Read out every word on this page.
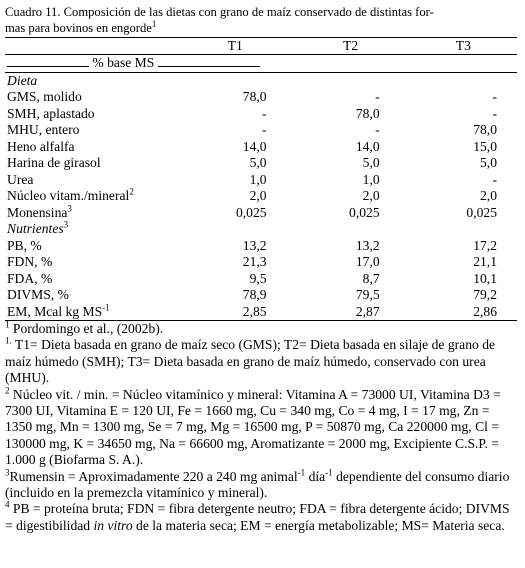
Cuadro 11. Composición de las dietas con grano de maíz conservado de distintas for-
mas para bovinos en engorde$^1$

	T1	T2	T3
% base MS			
Dieta			
GMS, molido	78,0	-	-
SMH, aplastado	-	78,0	-
MHU, entero	-	-	78,0
Heno alfalfa	14,0	14,0	15,0
Harina de girasol	5,0	5,0	5,0
Urea	1,0	1,0	-
Núcleo vitam./mineral$^2$	2,0	2,0	2,0
Monensina$^3$	0,025	0,025	0,025
Nutrientes$^3$
PB, %	13,2	13,2	17,2
FDN, %	21,3	17,0	21,1
FDA, %	9,5	8,7	10,1
DIVMS, %	78,9	79,5	79,2
EM, Mcal kg $MS^{-1}$	2,85	2,87	2,86

$^1$ Pordomingo et al., (2002b).

$^{1.}$ T1= Dieta basada en grano de maíz seco (GMS); T2= Dieta basada en silaje de grano de maíz húmedo (SMH); T3= Dieta basada en grano de maíz húmedo, conservado con urea (MHU).

$^2$ Núcleo vit. / min. = Núcleo vitamínico y mineral: Vitamina A = 73000 UI, Vitamina D3 = 7300 UI, Vitamina E = 120 UI, Fe = 1660 mg, Cu = 340 mg, Co = 4 mg, I = 17 mg, Zn = 1350 mg, Mn = 1300 mg, Se = 7 mg, Mg = 16500 mg, P = 50870 mg, Ca 220000 mg, Cl = 130000 mg, K = 34650 mg, Na = 66600 mg, Aromatizante = 2000 mg, Excipiente C.S.P. = 1.000 g (Biofarma S. A.).

$^3$Rumensin = Aproximadamente 220 a 240 mg animal$^{-1}$ día$^{-1}$ dependiente del consumo diario (incluido en la premezcla vitamínico y mineral).

$^4$ PB = proteína bruta; FDN = fibra detergente neutro; FDA = fibra detergente ácido; DIVMS = digestibilidad in vitro de la materia seca; EM = energía metabolizable; MS= Materia seca.
